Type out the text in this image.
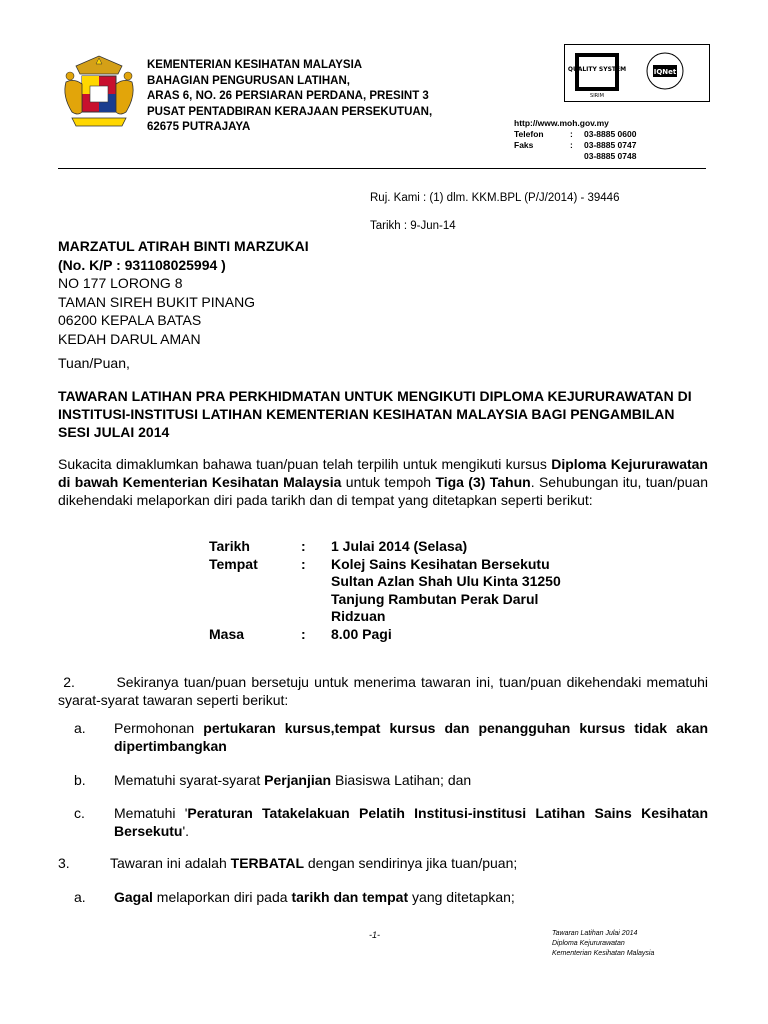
KEMENTERIAN KESIHATAN MALAYSIA
BAHAGIAN PENGURUSAN LATIHAN,
ARAS 6, NO. 26 PERSIARAN PERDANA, PRESINT 3
PUSAT PENTADBIRAN KERAJAAN PERSEKUTUAN,
62675 PUTRAJAYA
QUALITY SYSTEM
SIRIM
IQNet
http://www.moh.gov.my
Telefon	:	03-8885 0600
Faks	:	03-8885 0747
03-8885 0748
Ruj. Kami : (1) dlm. KKM.BPL (P/J/2014) - 39446
Tarikh : 9-Jun-14
MARZATUL ATIRAH BINTI MARZUKAI
(No. K/P : 931108025994 )
NO 177 LORONG 8
TAMAN SIREH BUKIT PINANG
06200 KEPALA BATAS
KEDAH DARUL AMAN
Tuan/Puan,
TAWARAN LATIHAN PRA PERKHIDMATAN UNTUK MENGIKUTI DIPLOMA KEJURURAWATAN DI INSTITUSI-INSTITUSI LATIHAN KEMENTERIAN KESIHATAN MALAYSIA BAGI PENGAMBILAN SESI JULAI 2014
Sukacita dimaklumkan bahawa tuan/puan telah terpilih untuk mengikuti kursus Diploma Kejururawatan di bawah Kementerian Kesihatan Malaysia untuk tempoh Tiga (3) Tahun. Sehubungan itu, tuan/puan dikehendaki melaporkan diri pada tarikh dan di tempat yang ditetapkan seperti berikut:
Tarikh	:	1 Julai 2014 (Selasa)
Tempat	:	Kolej Sains Kesihatan Bersekutu Sultan Azlan Shah Ulu Kinta 31250 Tanjung Rambutan Perak Darul Ridzuan
Masa	:	8.00 Pagi
2.	Sekiranya tuan/puan bersetuju untuk menerima tawaran ini, tuan/puan dikehendaki mematuhi syarat-syarat tawaran seperti berikut:
a. Permohonan pertukaran kursus,tempat kursus dan penangguhan kursus tidak akan dipertimbangkan
b. Mematuhi syarat-syarat Perjanjian Biasiswa Latihan; dan
c. Mematuhi 'Peraturan Tatakelakuan Pelatih Institusi-institusi Latihan Sains Kesihatan Bersekutu'.
3.	Tawaran ini adalah TERBATAL dengan sendirinya jika tuan/puan;
a. Gagal melaporkan diri pada tarikh dan tempat yang ditetapkan;
-1-	Tawaran Latihan Julai 2014
Diploma Kejururawatan
Kementerian Kesihatan Malaysia
